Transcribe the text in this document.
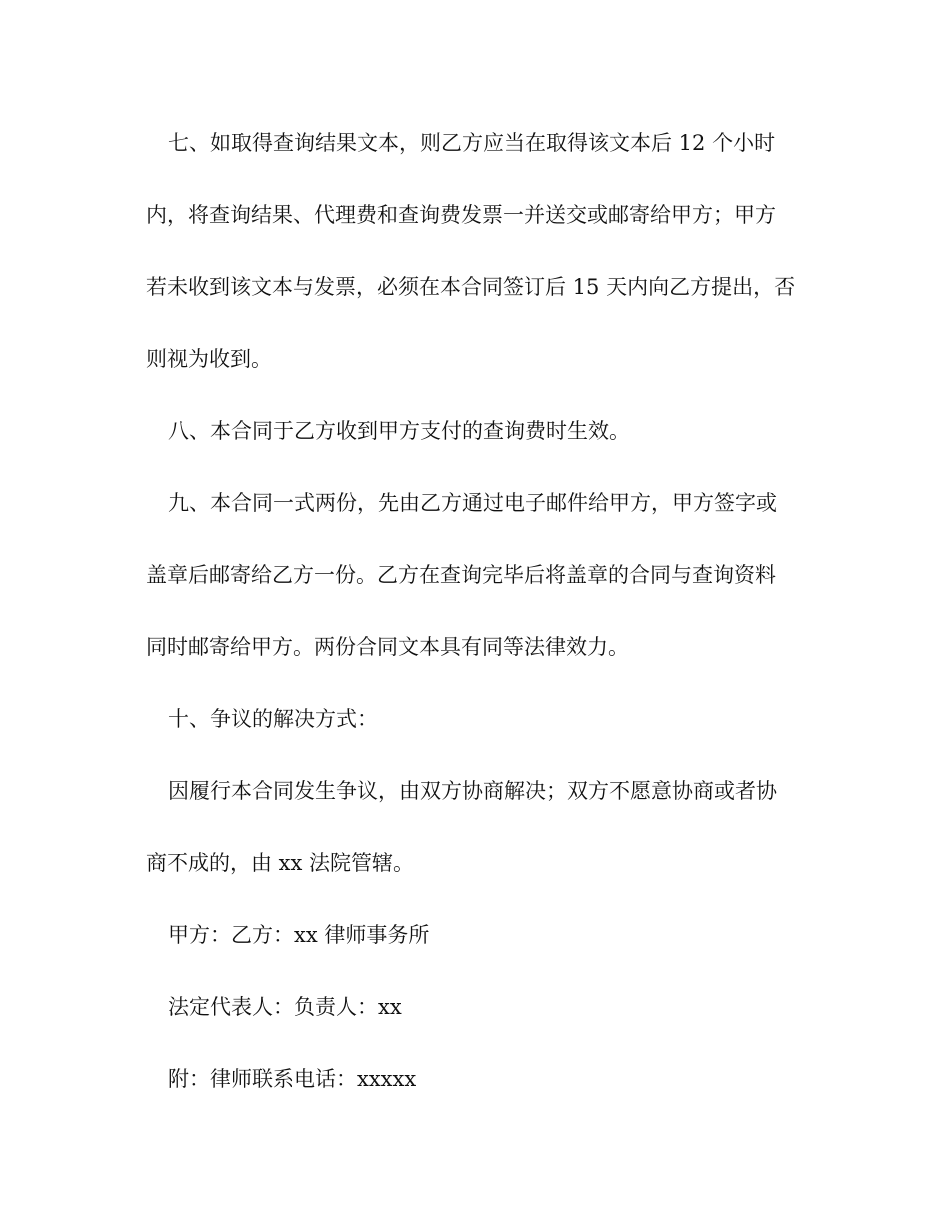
七、如取得查询结果文本，则乙方应当在取得该文本后 12 个小时
内，将查询结果、代理费和查询费发票一并送交或邮寄给甲方；甲方
若未收到该文本与发票，必须在本合同签订后 15 天内向乙方提出，否
则视为收到。
八、本合同于乙方收到甲方支付的查询费时生效。
九、本合同一式两份，先由乙方通过电子邮件给甲方，甲方签字或
盖章后邮寄给乙方一份。乙方在查询完毕后将盖章的合同与查询资料
同时邮寄给甲方。两份合同文本具有同等法律效力。
十、争议的解决方式：
因履行本合同发生争议，由双方协商解决；双方不愿意协商或者协
商不成的，由 xx 法院管辖。
甲方：乙方：xx 律师事务所
法定代表人：负责人：xx
附：律师联系电话：xxxxx
